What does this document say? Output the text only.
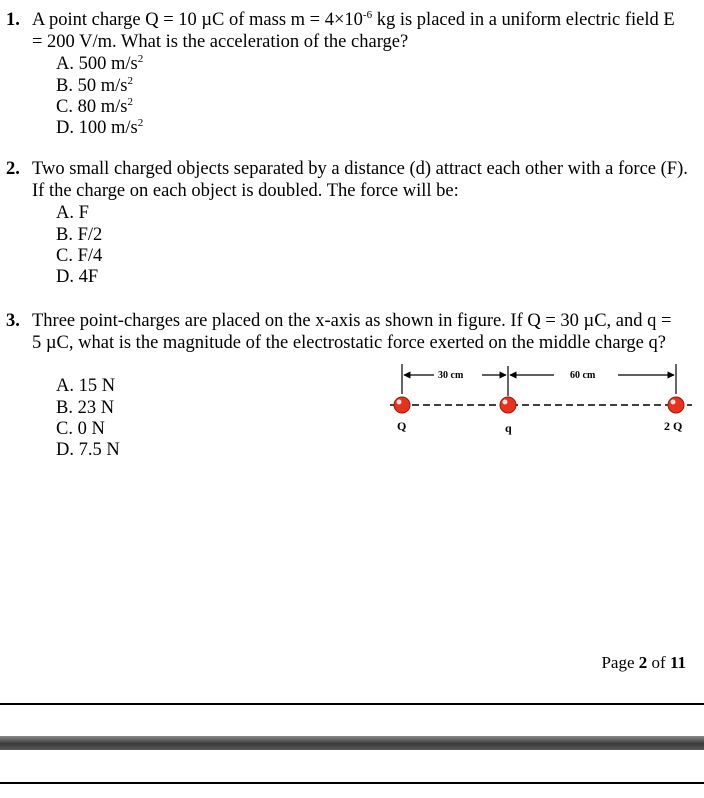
1. A point charge Q = 10 µC of mass $m = 4\times 10^{-6}$ kg is placed in a uniform electric field E
= 200 V/m. What is the acceleration of the charge?
A. 500 $m/s^2$
B. 50 $m/s^2$
C. 80 $m/s^2$
D. 100 $m/s^2$
2. Two small charged objects separated by a distance (d) attract each other with a force (F).
If the charge on each object is doubled. The force will be:
A. F
B. F/2
C. F/4
D. 4F
3. Three point-charges are placed on the x-axis as shown in figure. If Q = 30 µC, and q =
5 µC, what is the magnitude of the electrostatic force exerted on the middle charge q?
A. 15 N
B. 23 N
C. 0 N
D. 7.5 N
30 cm	60 cm
Q	q	2 Q
Page 2 of 11
